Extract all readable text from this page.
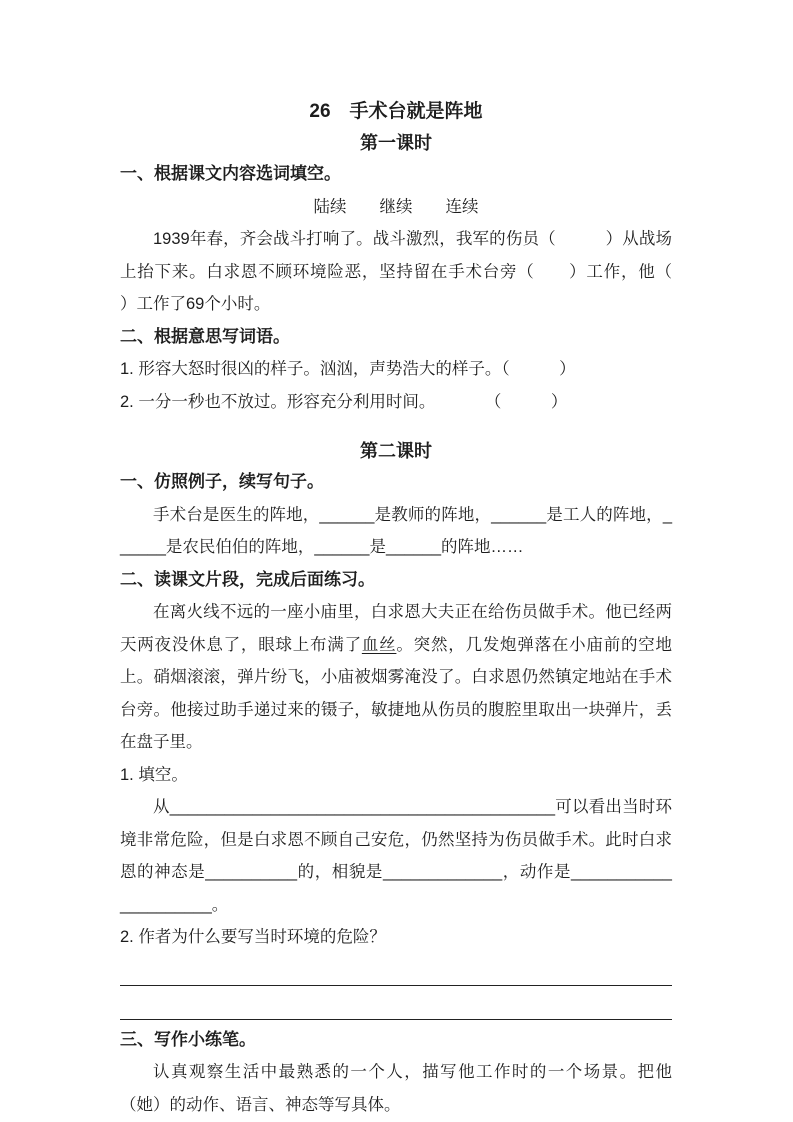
26　手术台就是阵地
第一课时
一、根据课文内容选词填空。

陆续　　继续　　连续

1939年春，齐会战斗打响了。战斗激烈，我军的伤员（　　　）从战场上抬下来。白求恩不顾环境险恶，坚持留在手术台旁（　　）工作，他（　　）工作了69个小时。

二、根据意思写词语。

1. 形容大怒时很凶的样子。汹汹，声势浩大的样子。（　　　）

2. 一分一秒也不放过。形容充分利用时间。　　　　（　　　）

第二课时
一、仿照例子，续写句子。

手术台是医生的阵地，______是教师的阵地，______是工人的阵地，______是农民伯伯的阵地，______是______的阵地……

二、读课文片段，完成后面练习。

在离火线不远的一座小庙里，白求恩大夫正在给伤员做手术。他已经两天两夜没休息了，眼球上布满了血丝。突然，几发炮弹落在小庙前的空地上。硝烟滚滚，弹片纷飞，小庙被烟雾淹没了。白求恩仍然镇定地站在手术台旁。他接过助手递过来的镊子，敏捷地从伤员的腹腔里取出一块弹片，丢在盘子里。

1. 填空。

从__________________________________________可以看出当时环境非常危险，但是白求恩不顾自己安危，仍然坚持为伤员做手术。此时白求恩的神态是__________的，相貌是_____________，动作是_____________________。

2. 作者为什么要写当时环境的危险？

三、写作小练笔。

认真观察生活中最熟悉的一个人，描写他工作时的一个场景。把他（她）的动作、语言、神态等写具体。
